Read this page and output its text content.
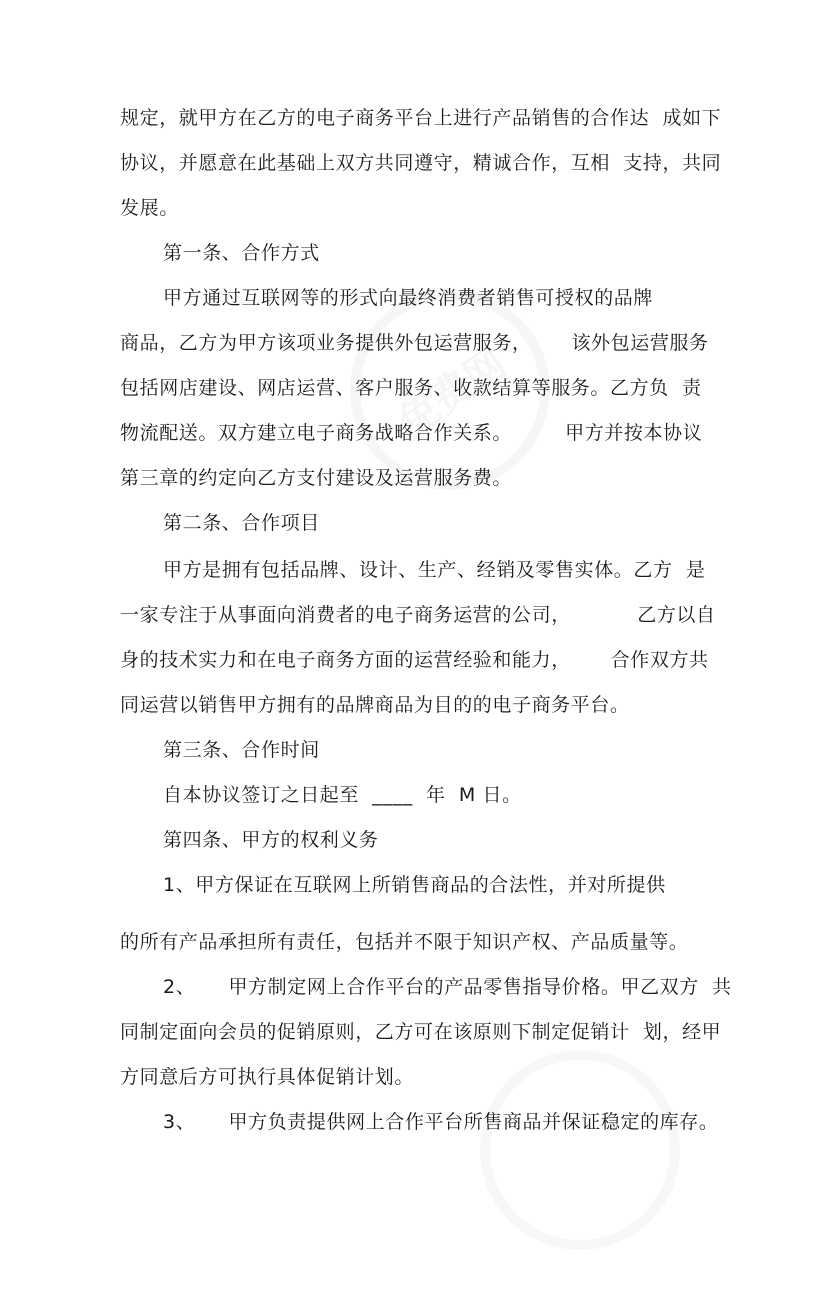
规定，就甲方在乙方的电子商务平台上进行产品销售的合作达  成如下
协议，并愿意在此基础上双方共同遵守，精诚合作，互相  支持，共同
发展。
第一条、合作方式
甲方通过互联网等的形式向最终消费者销售可授权的品牌
商品，乙方为甲方该项业务提供外包运营服务，      该外包运营服务
包括网店建设、网店运营、客户服务、收款结算等服务。乙方负  责
物流配送。双方建立电子商务战略合作关系。        甲方并按本协议
第三章的约定向乙方支付建设及运营服务费。
第二条、合作项目
甲方是拥有包括品牌、设计、生产、经销及零售实体。乙方  是
一家专注于从事面向消费者的电子商务运营的公司，          乙方以自
身的技术实力和在电子商务方面的运营经验和能力，      合作双方共
同运营以销售甲方拥有的品牌商品为目的的电子商务平台。
第三条、合作时间
自本协议签订之日起至  ____  年  M 日。
第四条、甲方的权利义务
1、甲方保证在互联网上所销售商品的合法性，并对所提供
的所有产品承担所有责任，包括并不限于知识产权、产品质量等。
2、     甲方制定网上合作平台的产品零售指导价格。甲乙双方  共
同制定面向会员的促销原则，乙方可在该原则下制定促销计  划，经甲
方同意后方可执行具体促销计划。
3、     甲方负责提供网上合作平台所售商品并保证稳定的库存。
